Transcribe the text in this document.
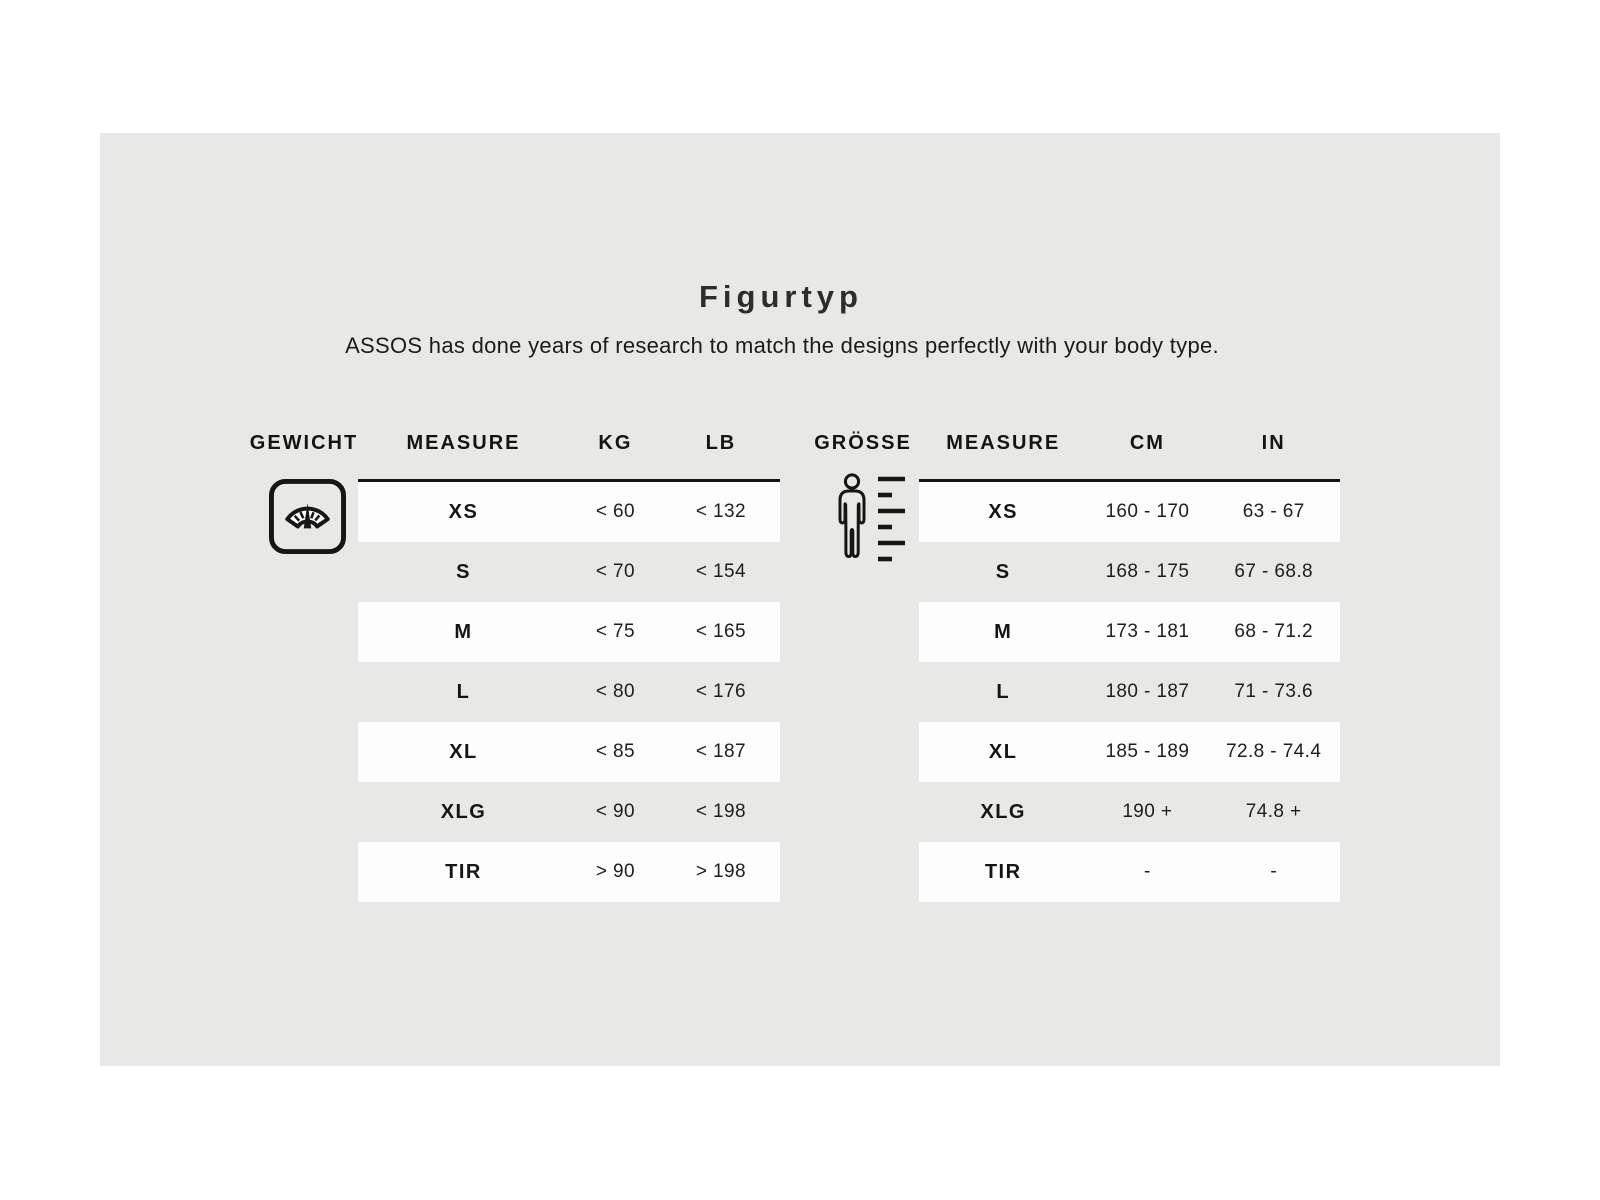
Figurtyp

ASSOS has done years of research to match the designs perfectly with your body type.

GEWICHT	MEASURE	KG	LB	GRÖSSE	MEASURE	CM	IN
XS	< 60	< 132
S	< 70	< 154
M	< 75	< 165
L	< 80	< 176
XL	< 85	< 187
XLG	< 90	< 198
TIR	> 90	> 198
XS	160 - 170	63 - 67
S	168 - 175	67 - 68.8
M	173 - 181	68 - 71.2
L	180 - 187	71 - 73.6
XL	185 - 189	72.8 - 74.4
XLG	190 +	74.8 +
TIR	-	-
